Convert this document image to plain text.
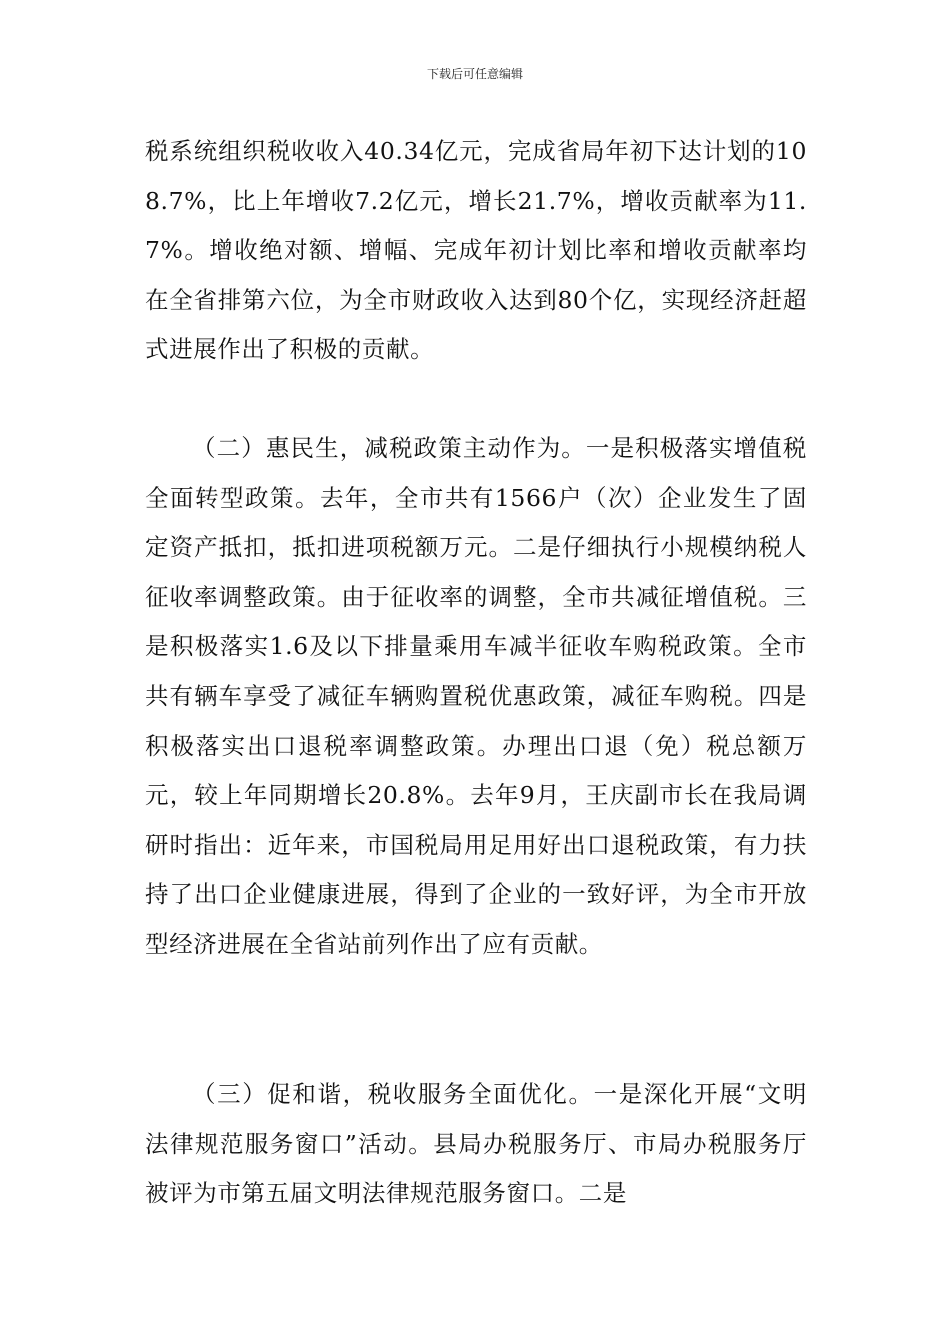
下载后可任意编辑

税系统组织税收收入40.34亿元，完成省局年初下达计划的108.7%，比上年增收7.2亿元，增长21.7%，增收贡献率为11.7%。增收绝对额、增幅、完成年初计划比率和增收贡献率均在全省排第六位，为全市财政收入达到80个亿，实现经济赶超式进展作出了积极的贡献。

（二）惠民生，减税政策主动作为。一是积极落实增值税全面转型政策。去年，全市共有1566户（次）企业发生了固定资产抵扣，抵扣进项税额万元。二是仔细执行小规模纳税人征收率调整政策。由于征收率的调整，全市共减征增值税。三是积极落实1.6及以下排量乘用车减半征收车购税政策。全市共有辆车享受了减征车辆购置税优惠政策，减征车购税。四是积极落实出口退税率调整政策。办理出口退（免）税总额万元，较上年同期增长20.8%。去年9月，王庆副市长在我局调研时指出：近年来，市国税局用足用好出口退税政策，有力扶持了出口企业健康进展，得到了企业的一致好评，为全市开放型经济进展在全省站前列作出了应有贡献。

（三）促和谐，税收服务全面优化。一是深化开展“文明法律规范服务窗口”活动。县局办税服务厅、市局办税服务厅被评为市第五届文明法律规范服务窗口。二是
